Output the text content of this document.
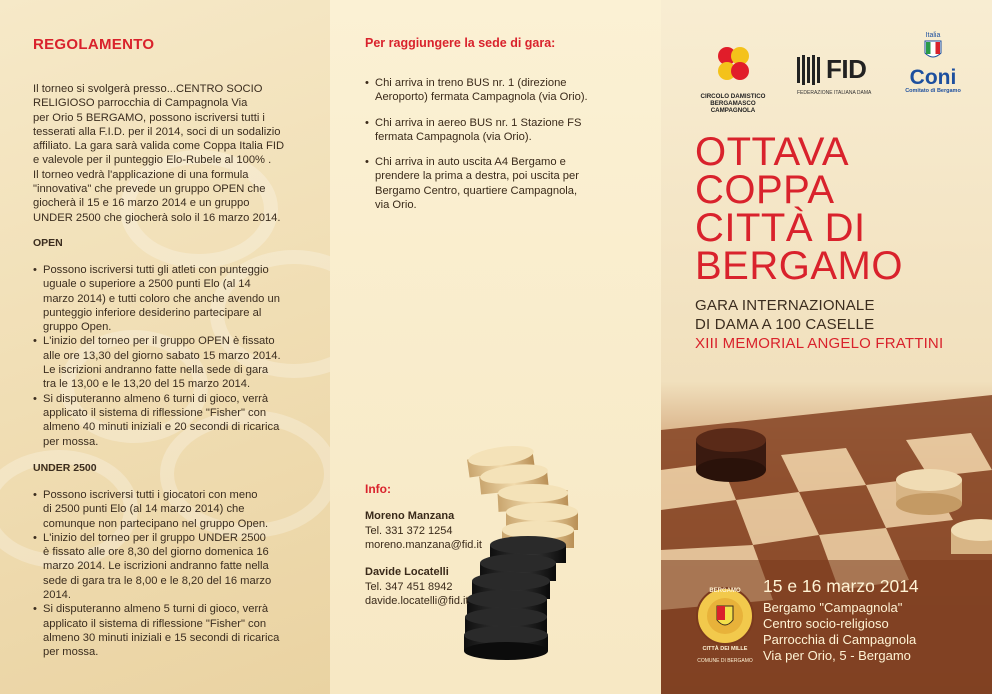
REGOLAMENTO
Il torneo si svolgerà presso...CENTRO SOCIO
RELIGIOSO parrocchia di Campagnola Via
per Orio 5 BERGAMO, possono iscriversi tutti i
tesserati alla F.I.D. per il 2014, soci di un sodalizio
affiliato. La gara sarà valida come Coppa Italia FID
e valevole per il punteggio Elo-Rubele al 100% .
Il torneo vedrà l'applicazione di una formula
"innovativa" che prevede un gruppo OPEN che
giocherà il 15 e 16 marzo 2014 e un gruppo
UNDER 2500 che giocherà solo il 16 marzo 2014.
OPEN
• Possono iscriversi tutti gli atleti con punteggio
uguale o superiore a 2500 punti Elo (al 14
marzo 2014) e tutti coloro che anche avendo un
punteggio inferiore desiderino partecipare al
gruppo Open.
• L'inizio del torneo per il gruppo OPEN è fissato
alle ore 13,30 del giorno sabato 15 marzo 2014.
Le iscrizioni andranno fatte nella sede di gara
tra le 13,00 e le 13,20 del 15 marzo 2014.
• Si disputeranno almeno 6 turni di gioco, verrà
applicato il sistema di riflessione "Fisher" con
almeno 40 minuti iniziali e 20 secondi di ricarica
per mossa.
UNDER 2500
• Possono iscriversi tutti i giocatori con meno
di 2500 punti Elo (al 14 marzo 2014) che
comunque non partecipano nel gruppo Open.
• L'inizio del torneo per il gruppo UNDER 2500
è fissato alle ore 8,30 del giorno domenica 16
marzo 2014. Le iscrizioni andranno fatte nella
sede di gara tra le 8,00 e le 8,20 del 16 marzo
2014.
• Si disputeranno almeno 5 turni di gioco, verrà
applicato il sistema di riflessione "Fisher" con
almeno 30 minuti iniziali e 15 secondi di ricarica
per mossa.
Per raggiungere la sede di gara:
• Chi arriva in treno BUS nr. 1 (direzione
Aeroporto) fermata Campagnola (via Orio).
• Chi arriva in aereo BUS nr. 1 Stazione FS
fermata Campagnola (via Orio).
• Chi arriva in auto uscita A4 Bergamo e
prendere la prima a destra, poi uscita per
Bergamo Centro, quartiere Campagnola,
via Orio.
Info:
Moreno Manzana
Tel. 331 372 1254
moreno.manzana@fid.it
Davide Locatelli
Tel. 347 451 8942
davide.locatelli@fid.it
CIRCOLO DAMISTICO
BERGAMASCO
CAMPAGNOLA
FID
FEDERAZIONE ITALIANA DAMA
Italia
Coni
Comitato di Bergamo
OTTAVA
COPPA
CITTÀ DI
BERGAMO
GARA INTERNAZIONALE
DI DAMA A 100 CASELLE
XIII MEMORIAL ANGELO FRATTINI
BERGAMO
CITTÀ DEI MILLE
COMUNE DI BERGAMO
15 e 16 marzo 2014
Bergamo "Campagnola"
Centro socio-religioso
Parrocchia di Campagnola
Via per Orio, 5 - Bergamo
